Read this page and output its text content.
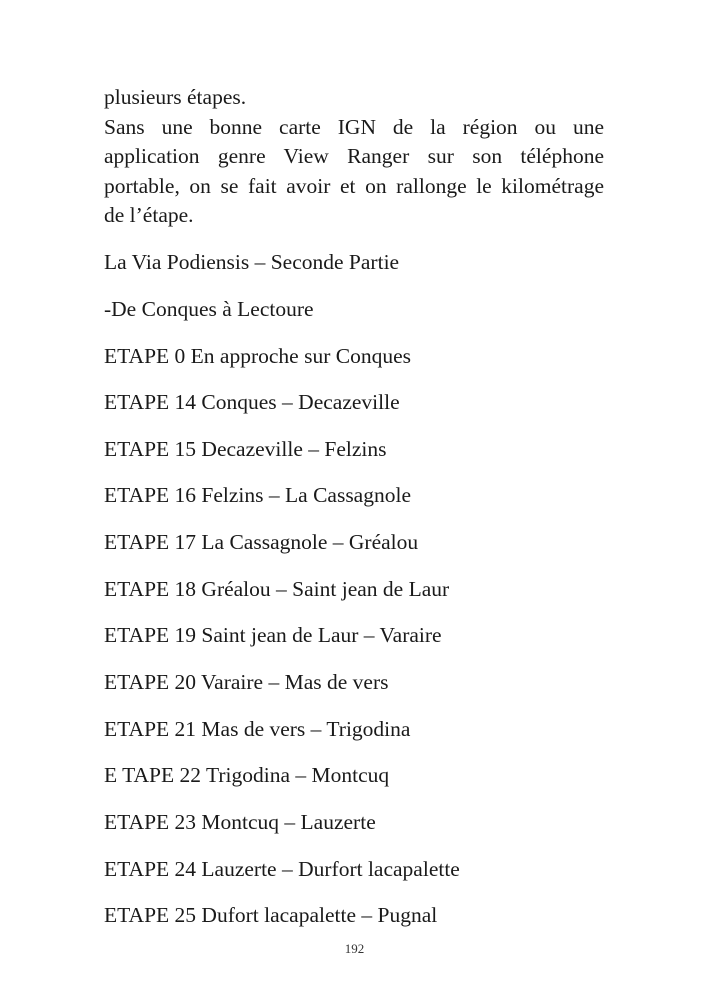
plusieurs étapes.
Sans une bonne carte IGN de la région ou une
application genre View Ranger sur son téléphone
portable, on se fait avoir et on rallonge le kilométrage
de l’étape.
La Via Podiensis – Seconde Partie
-De Conques à Lectoure
ETAPE 0 En approche sur Conques
ETAPE 14 Conques – Decazeville
ETAPE 15 Decazeville – Felzins
ETAPE 16 Felzins – La Cassagnole
ETAPE 17 La Cassagnole – Gréalou
ETAPE 18 Gréalou – Saint jean de Laur
ETAPE 19 Saint jean de Laur – Varaire
ETAPE 20 Varaire – Mas de vers
ETAPE 21 Mas de vers – Trigodina
E TAPE 22 Trigodina – Montcuq
ETAPE 23 Montcuq – Lauzerte
ETAPE 24 Lauzerte – Durfort lacapalette
ETAPE 25 Dufort lacapalette – Pugnal
192
